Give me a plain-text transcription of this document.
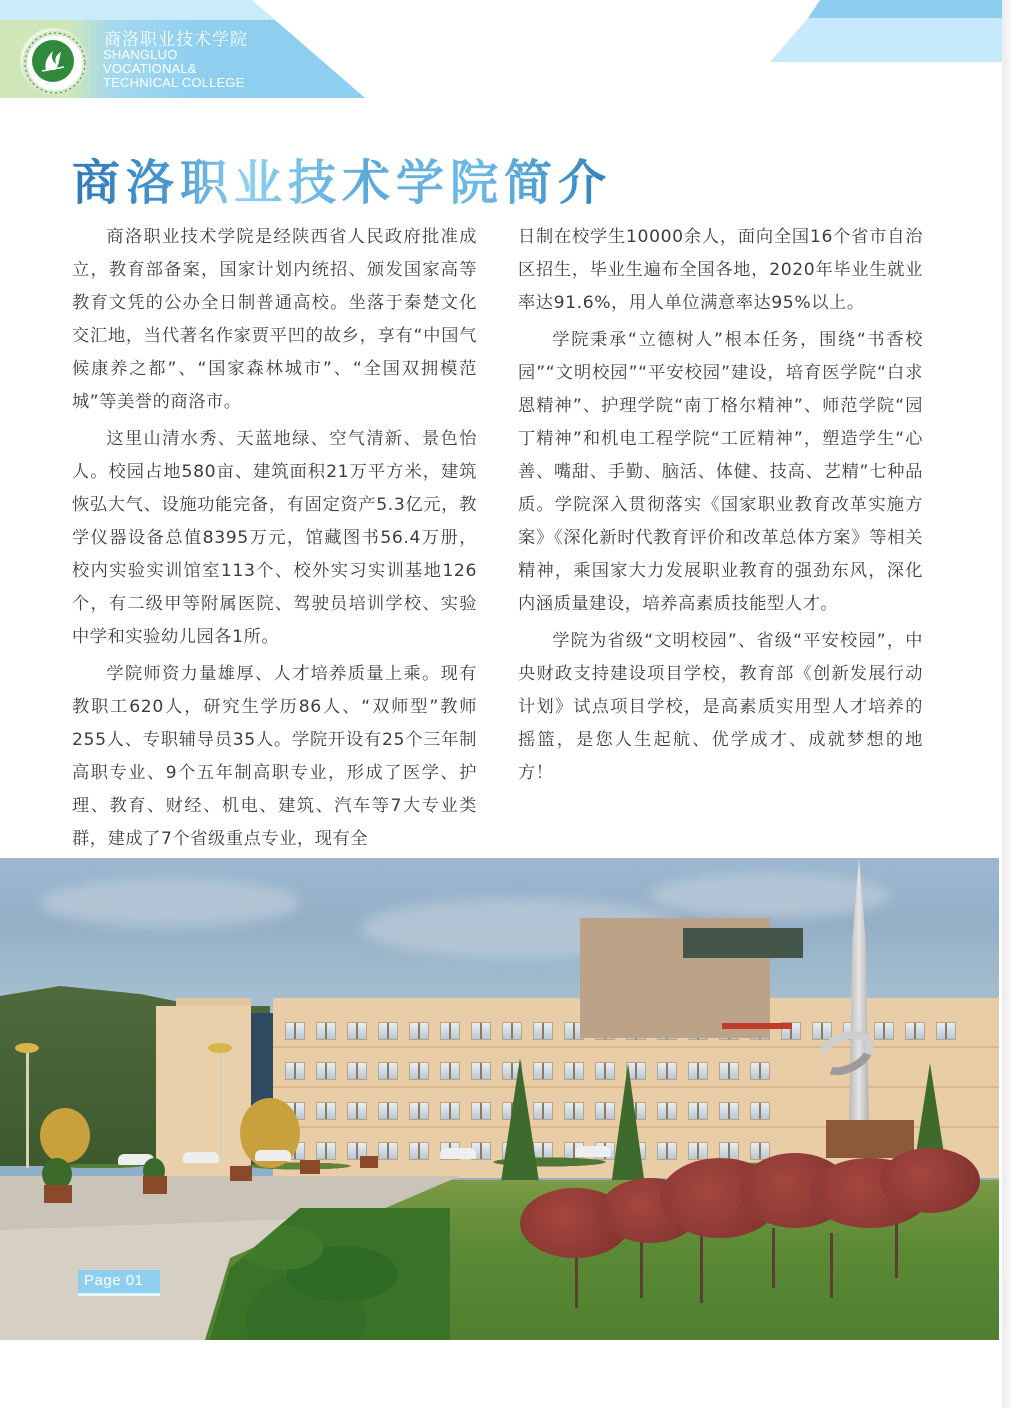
商洛职业技术学院
SHANGLUO
VOCATIONAL&
TECHNICAL COLLEGE
商洛职业技术学院简介

商洛职业技术学院是经陕西省人民政府批准成立，教育部备案，国家计划内统招、颁发国家高等教育文凭的公办全日制普通高校。坐落于秦楚文化交汇地，当代著名作家贾平凹的故乡，享有“中国气候康养之都”、“国家森林城市”、“全国双拥模范城”等美誉的商洛市。

这里山清水秀、天蓝地绿、空气清新、景色怡人。校园占地580亩、建筑面积21万平方米，建筑恢弘大气、设施功能完备，有固定资产5.3亿元，教学仪器设备总值8395万元，馆藏图书56.4万册，校内实验实训馆室113个、校外实习实训基地126个，有二级甲等附属医院、驾驶员培训学校、实验中学和实验幼儿园各1所。

学院师资力量雄厚、人才培养质量上乘。现有教职工620人，研究生学历86人、“双师型”教师255人、专职辅导员35人。学院开设有25个三年制高职专业、9个五年制高职专业，形成了医学、护理、教育、财经、机电、建筑、汽车等7大专业类群，建成了7个省级重点专业，现有全

日制在校学生10000余人，面向全国16个省市自治区招生，毕业生遍布全国各地，2020年毕业生就业率达91.6%，用人单位满意率达95%以上。

学院秉承“立德树人”根本任务，围绕“书香校园”“文明校园”“平安校园”建设，培育医学院“白求恩精神”、护理学院“南丁格尔精神”、师范学院“园丁精神”和机电工程学院“工匠精神”，塑造学生“心善、嘴甜、手勤、脑活、体健、技高、艺精”七种品质。学院深入贯彻落实《国家职业教育改革实施方案》《深化新时代教育评价和改革总体方案》等相关精神，乘国家大力发展职业教育的强劲东风，深化内涵质量建设，培养高素质技能型人才。

学院为省级“文明校园”、省级“平安校园”，中央财政支持建设项目学校，教育部《创新发展行动计划》试点项目学校，是高素质实用型人才培养的摇篮，是您人生起航、优学成才、成就梦想的地方！

Page 01
